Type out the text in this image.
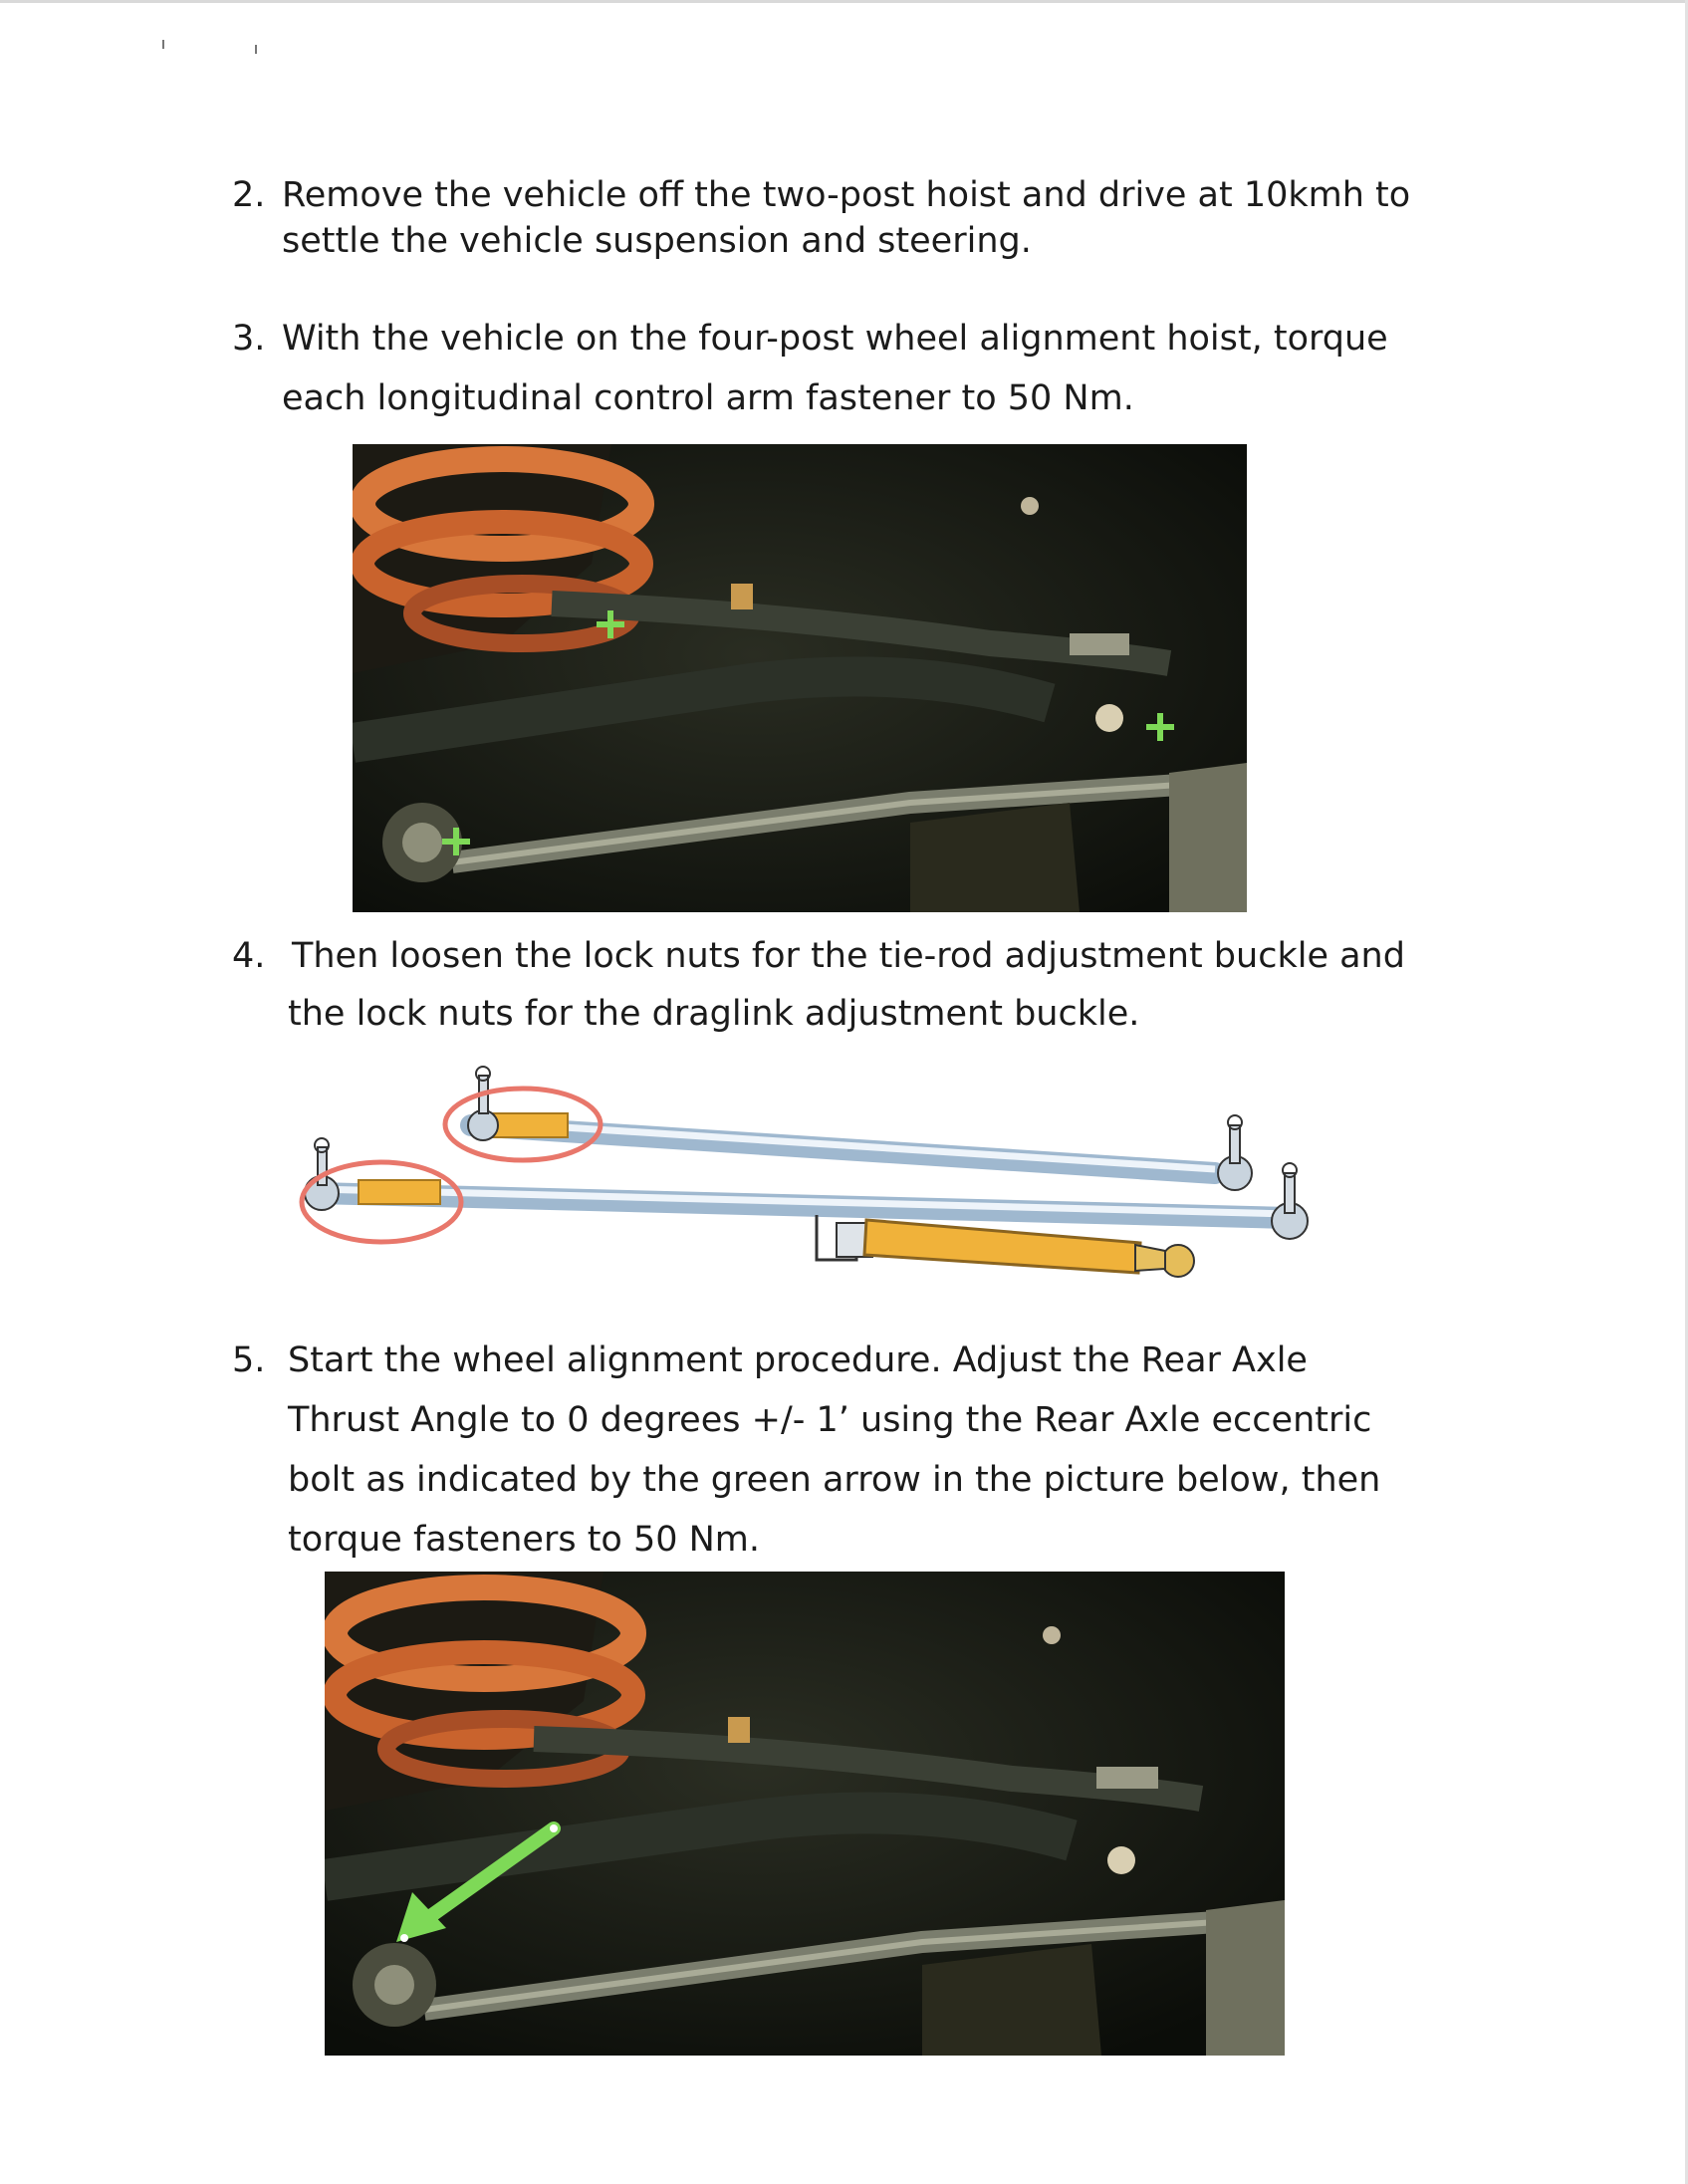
2. Remove the vehicle off the two-post hoist and drive at 10kmh to
settle the vehicle suspension and steering.
3. With the vehicle on the four-post wheel alignment hoist, torque
each longitudinal control arm fastener to 50 Nm.
4. Then loosen the lock nuts for the tie-rod adjustment buckle and
the lock nuts for the draglink adjustment buckle.
5. Start the wheel alignment procedure. Adjust the Rear Axle
Thrust Angle to 0 degrees +/- 1’ using the Rear Axle eccentric
bolt as indicated by the green arrow in the picture below, then
torque fasteners to 50 Nm.
